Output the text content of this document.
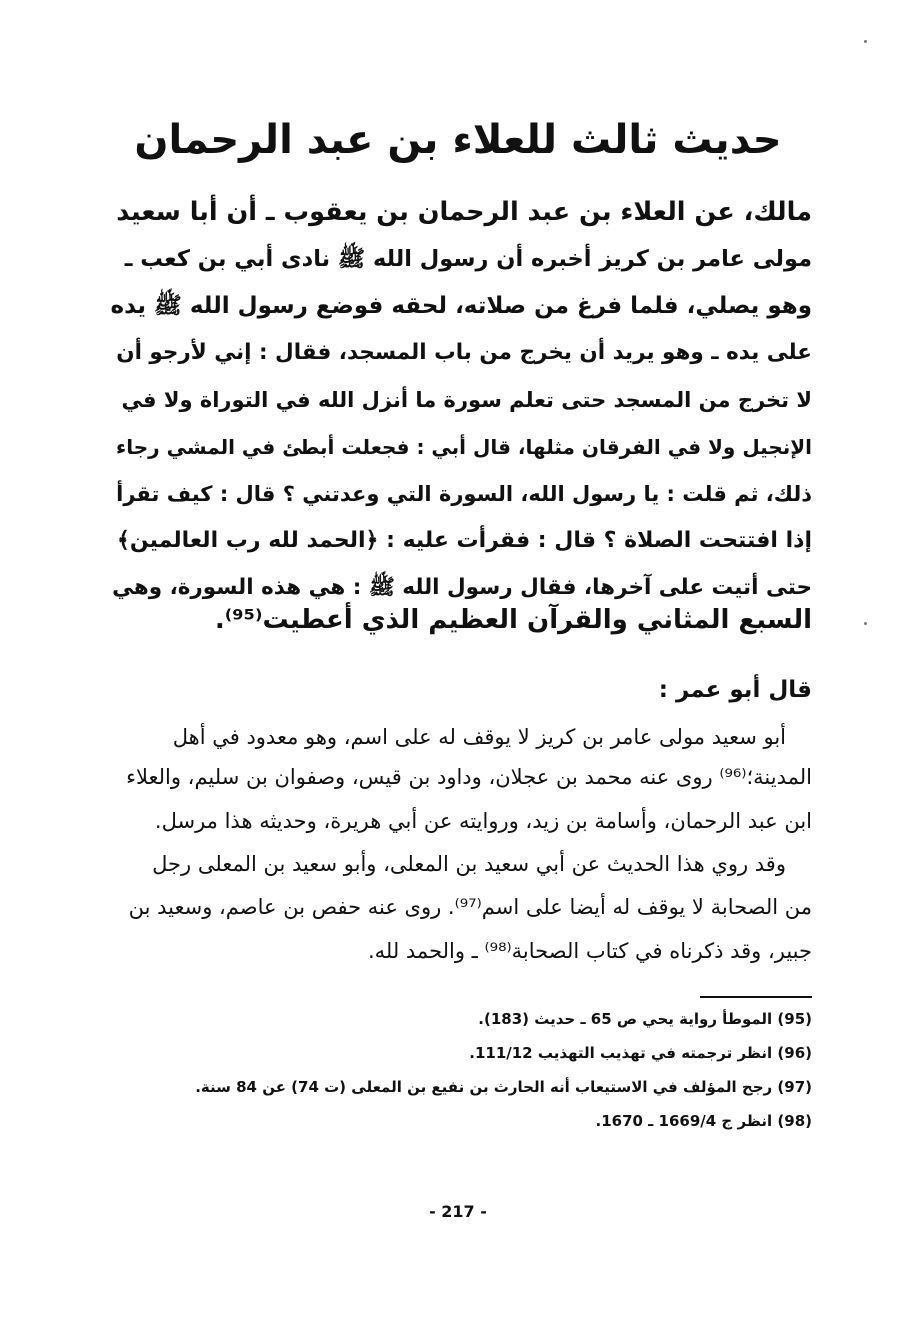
حديث ثالث للعلاء بن عبد الرحمان
مالك، عن العلاء بن عبد الرحمان بن يعقوب ـ أن أبا سعيد
مولى عامر بن كريز أخبره أن رسول الله ﷺ نادى أبي بن كعب ـ
وهو يصلي، فلما فرغ من صلاته، لحقه فوضع رسول الله ﷺ يده
على يده ـ وهو يريد أن يخرج من باب المسجد، فقال : إني لأرجو أن
لا تخرج من المسجد حتى تعلم سورة ما أنزل الله في التوراة ولا في
الإنجيل ولا في الفرقان مثلها، قال أبي : فجعلت أبطئ في المشي رجاء
ذلك، ثم قلت : يا رسول الله، السورة التي وعدتني ؟ قال : كيف تقرأ
إذا افتتحت الصلاة ؟ قال : فقرأت عليه : ﴿الحمد لله رب العالمين﴾
حتى أتيت على آخرها، فقال رسول الله ﷺ : هي هذه السورة، وهي
السبع المثاني والقرآن العظيم الذي أعطيت⁽⁹⁵⁾.
قال أبو عمر :
أبو سعيد مولى عامر بن كريز لا يوقف له على اسم، وهو معدود في أهل
المدينة؛⁽⁹⁶⁾ روى عنه محمد بن عجلان، وداود بن قيس، وصفوان بن سليم، والعلاء
ابن عبد الرحمان، وأسامة بن زيد، وروايته عن أبي هريرة، وحديثه هذا مرسل.
وقد روي هذا الحديث عن أبي سعيد بن المعلى، وأبو سعيد بن المعلى رجل
من الصحابة لا يوقف له أيضا على اسم⁽⁹⁷⁾. روى عنه حفص بن عاصم، وسعيد بن
جبير، وقد ذكرناه في كتاب الصحابة⁽⁹⁸⁾ ـ والحمد لله.
(95) الموطأ رواية يحي ص 65 ـ حديث (183).
(96) انظر ترجمته في تهذيب التهذيب 111/12.
(97) رجح المؤلف في الاستيعاب أنه الحارث بن نفيع بن المعلى (ت 74) عن 84 سنة.
(98) انظر ج 1669/4 ـ 1670.
- 217 -
